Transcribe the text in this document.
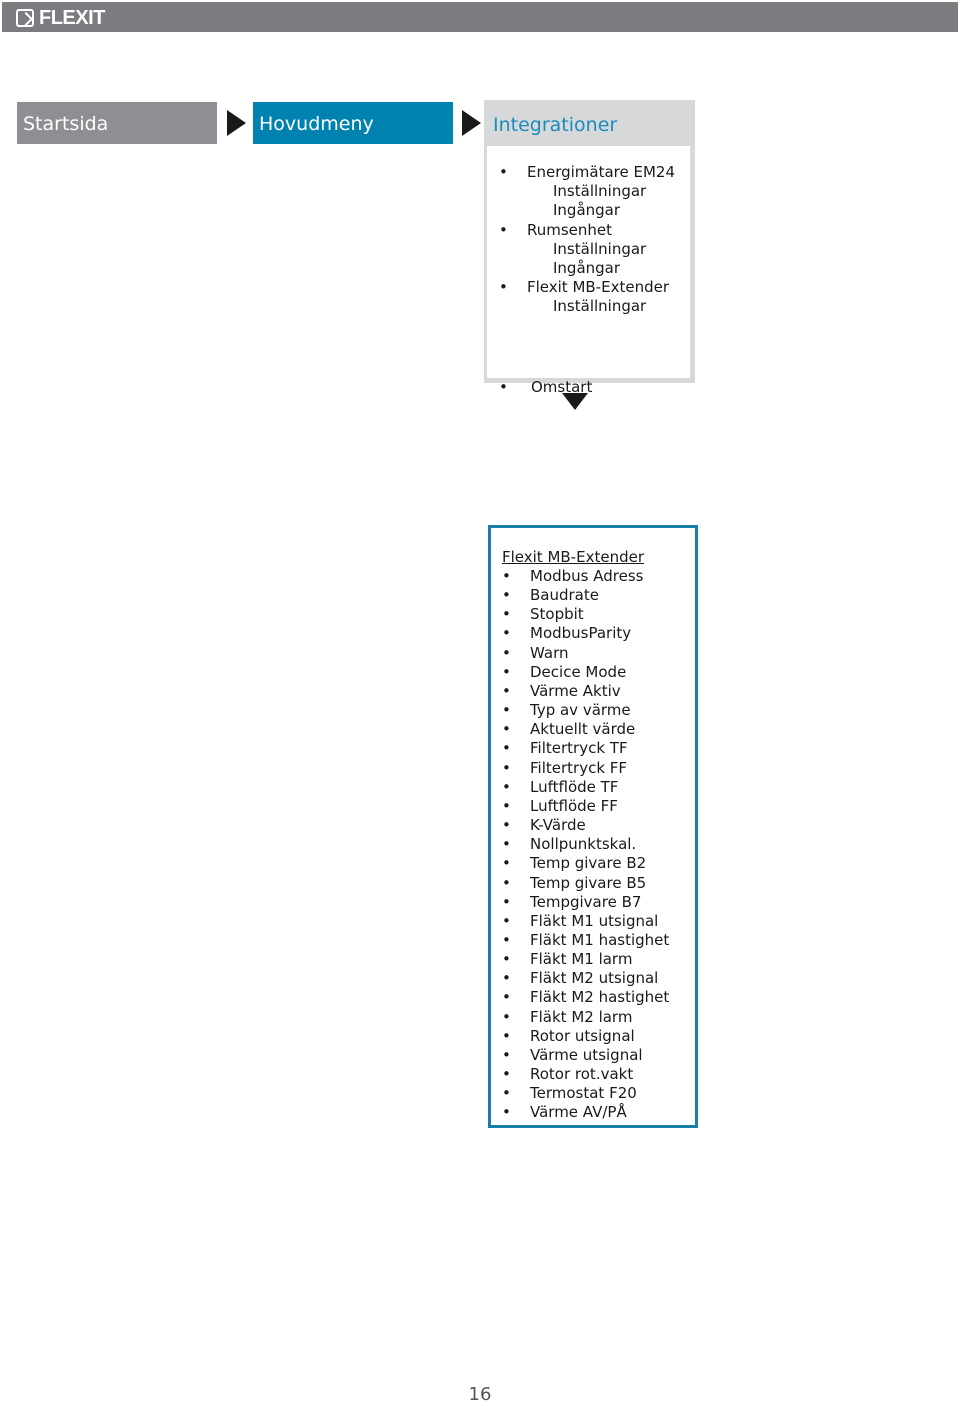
FLEXIT
Startsida	Hovudmeny	Integrationer
• Energimätare EM24
Inställningar
Ingångar
• Rumsenhet
Inställningar
Ingångar
• Flexit MB-Extender
Inställningar
• Omstart
Flexit MB-Extender
• Modbus Adress
• Baudrate
• Stopbit
• ModbusParity
• Warn
• Decice Mode
• Värme Aktiv
• Typ av värme
• Aktuellt värde
• Filtertryck TF
• Filtertryck FF
• Luftflöde TF
• Luftflöde FF
• K-Värde
• Nollpunktskal.
• Temp givare B2
• Temp givare B5
• Tempgivare B7
• Fläkt M1 utsignal
• Fläkt M1 hastighet
• Fläkt M1 larm
• Fläkt M2 utsignal
• Fläkt M2 hastighet
• Fläkt M2 larm
• Rotor utsignal
• Värme utsignal
• Rotor rot.vakt
• Termostat F20
• Värme AV/PÅ
16
